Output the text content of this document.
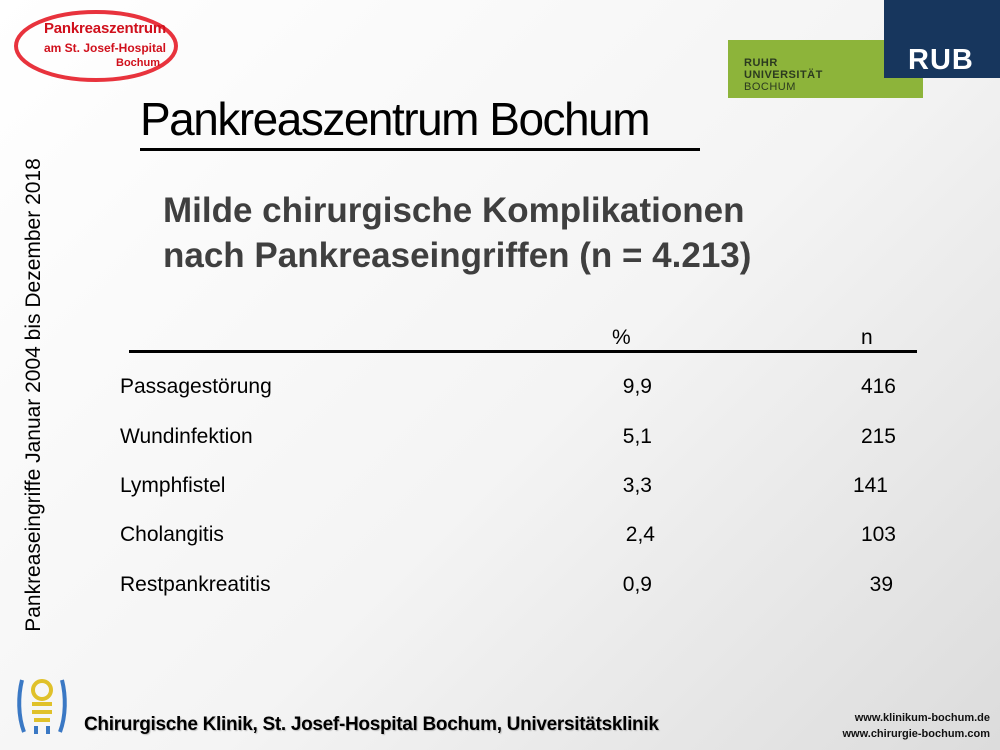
Pankreaszentrum
am St. Josef-Hospital
Bochum	RUHR
UNIVERSITÄT
BOCHUM
RUB
Pankreaszentrum Bochum
Milde chirurgische Komplikationen
nach Pankreaseingriffen (n = 4.213)
Pankreaseingriffe Januar 2004 bis Dezember 2018	%	n
Passagestörung	9,9	416
Wundinfektion	5,1	215
Lymphfistel	3,3	141
Cholangitis	2,4	103
Restpankreatitis	0,9	39
Chirurgische Klinik, St. Josef-Hospital Bochum, Universitätsklinik	www.klinikum-bochum.de
www.chirurgie-bochum.com
